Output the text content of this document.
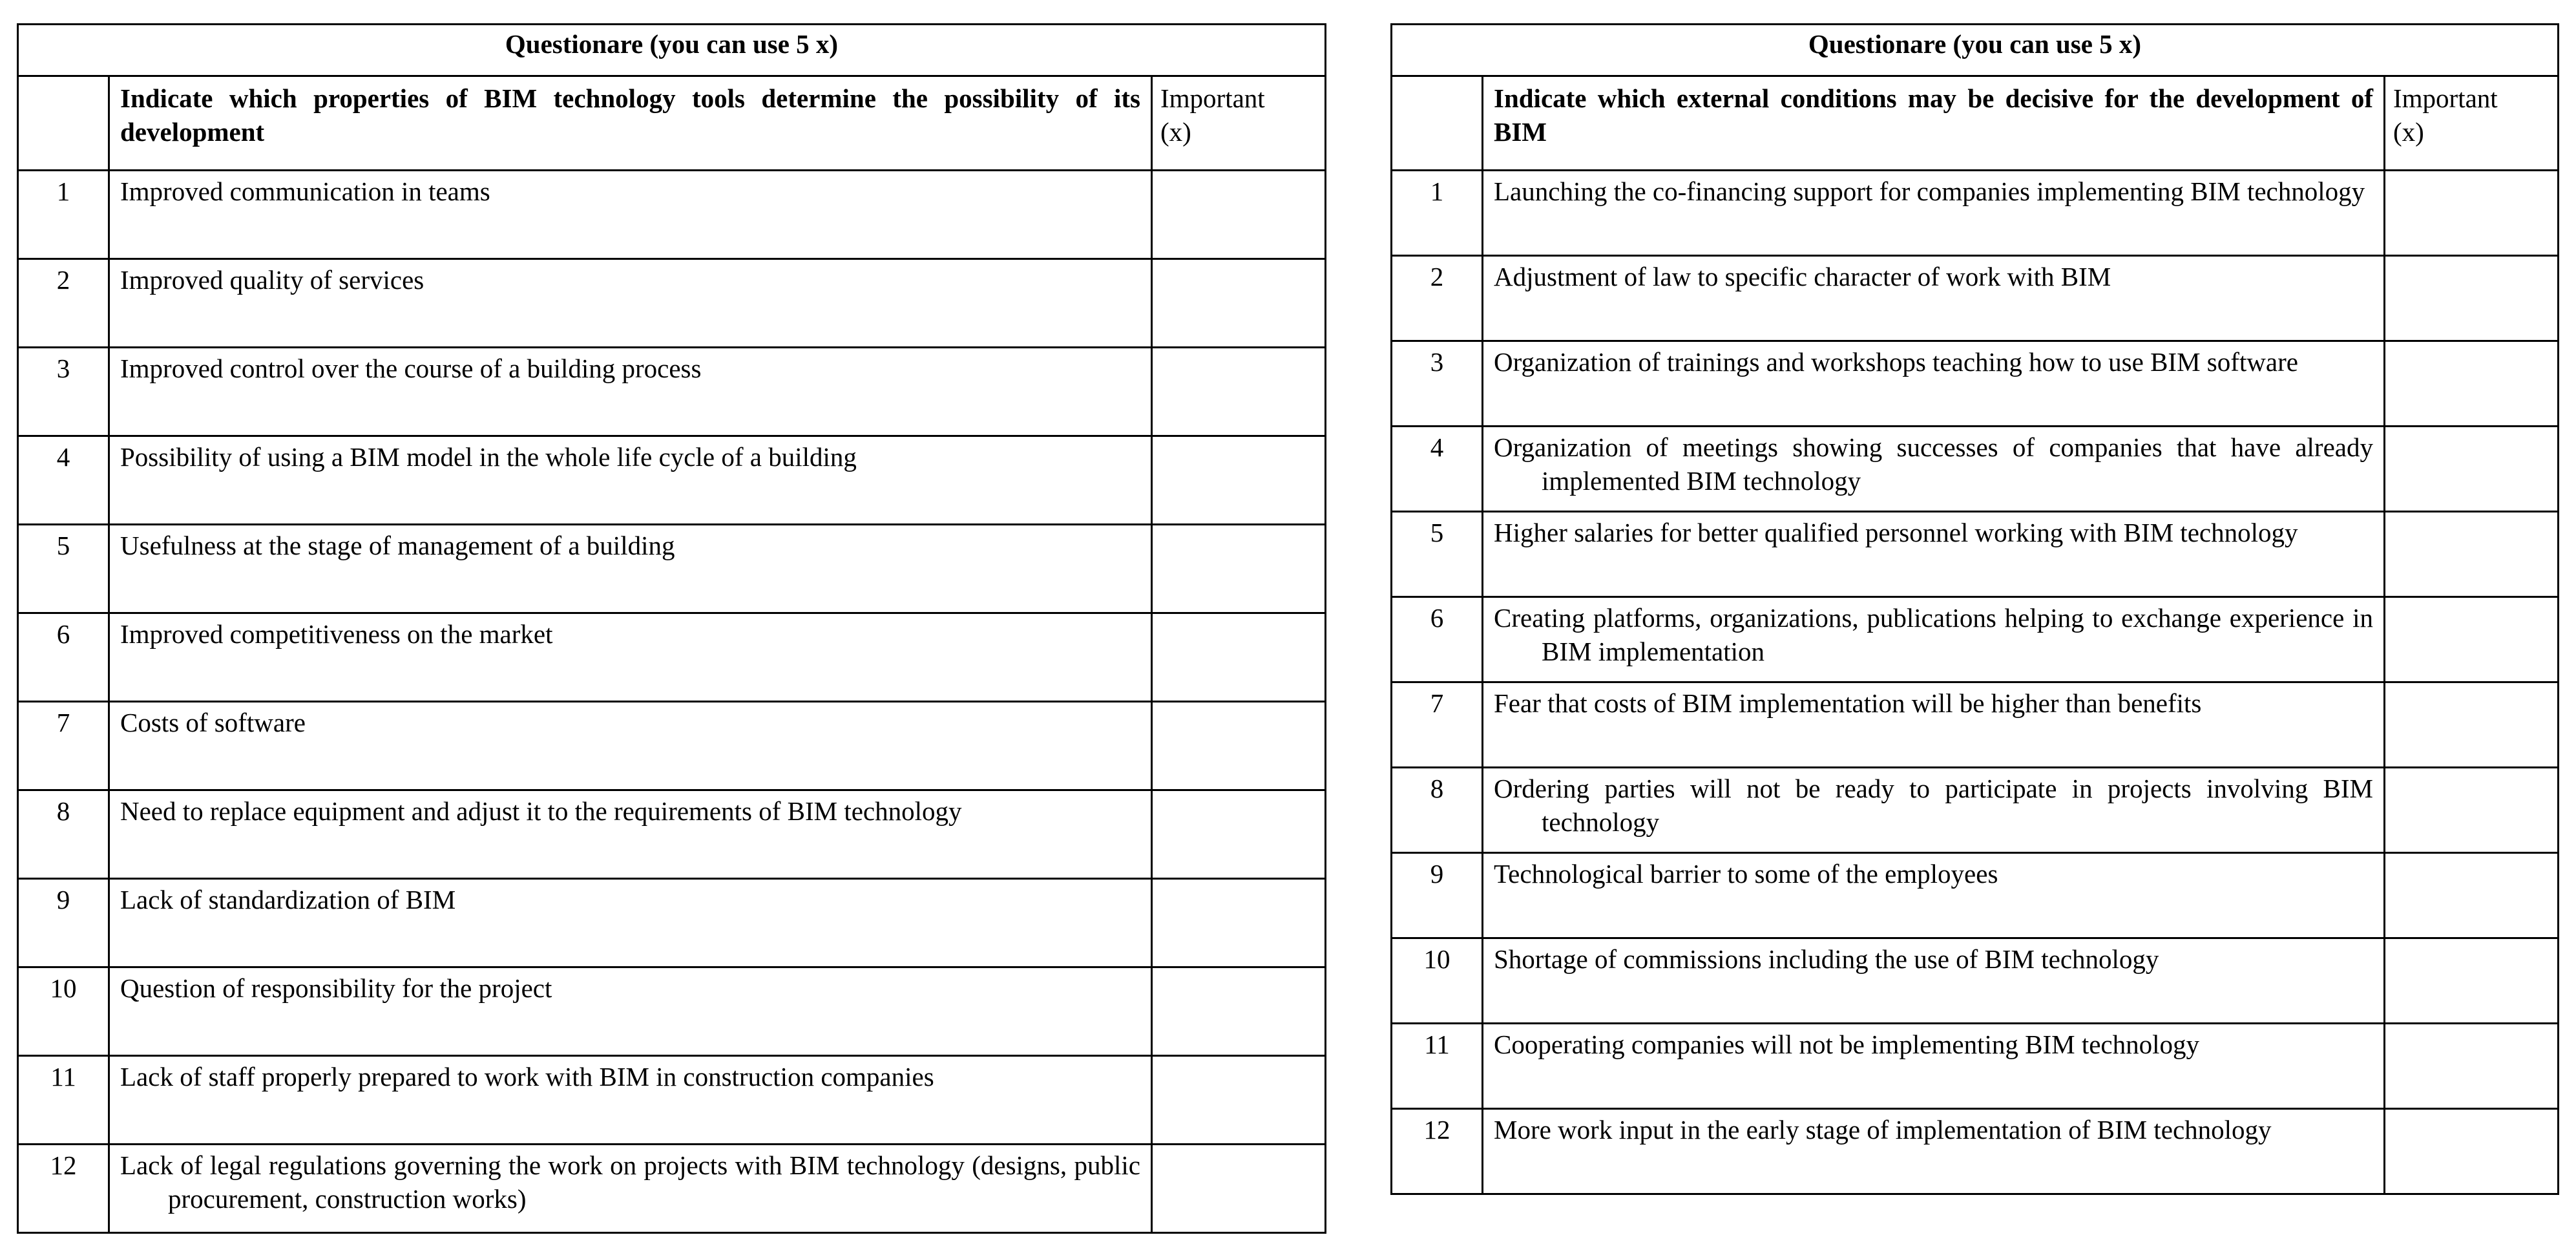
Questionare (you can use 5 x)		
	Indicate which properties of BIM technology tools determine the possibility of its development	Important
(x)

1	Improved communication in teams	
2	Improved quality of services	
3	Improved control over the course of a building process	
4	Possibility of using a BIM model in the whole life cycle of a building	
5	Usefulness at the stage of management of a building	
6	Improved competitiveness on the market	
7	Costs of software	
8	Need to replace equipment and adjust it to the requirements of BIM technology	
9	Lack of standardization of BIM	
10	Question of responsibility for the project	
11	Lack of staff properly prepared to work with BIM in construction companies	
12	Lack of legal regulations governing the work on projects with BIM technology (designs, public procurement, construction works)	
Questionare (you can use 5 x)		
	Indicate which external conditions may be decisive for the development of BIM	Important
(x)

1	Launching the co-financing support for companies implementing BIM technology	
2	Adjustment of law to specific character of work with BIM	
3	Organization of trainings and workshops teaching how to use BIM software	
4	Organization of meetings showing successes of companies that have already implemented BIM technology	
5	Higher salaries for better qualified personnel working with BIM technology	
6	Creating platforms, organizations, publications helping to exchange experience in BIM implementation	
7	Fear that costs of BIM implementation will be higher than benefits	
8	Ordering parties will not be ready to participate in projects involving BIM technology	
9	Technological barrier to some of the employees	
10	Shortage of commissions including the use of BIM technology	
11	Cooperating companies will not be implementing BIM technology	
12	More work input in the early stage of implementation of BIM technology	
